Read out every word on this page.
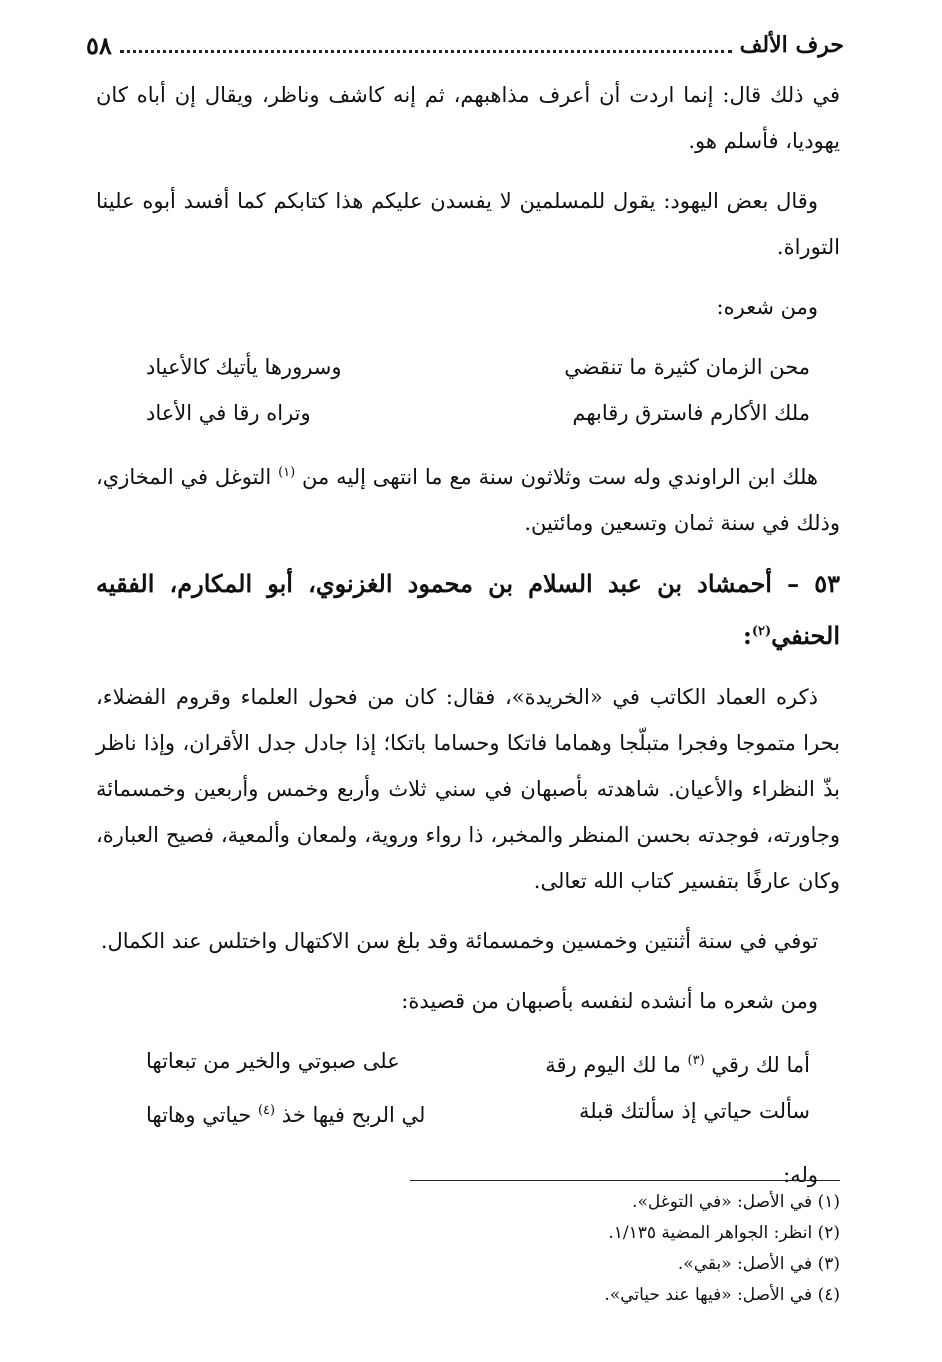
حرف الألف
٥٨

في ذلك قال: إنما اردت أن أعرف مذاهبهم، ثم إنه كاشف وناظر، ويقال إن أباه كان يهوديا، فأسلم هو.

وقال بعض اليهود: يقول للمسلمين لا يفسدن عليكم هذا كتابكم كما أفسد أبوه علينا التوراة.

ومن شعره:

محن الزمان كثيرة ما تنقضي
وسرورها يأتيك كالأعياد
ملك الأكارم فاسترق رقابهم
وتراه رقا في الأعاد

هلك ابن الراوندي وله ست وثلاثون سنة مع ما انتهى إليه من $^{(١)}$ التوغل في المخازي، وذلك في سنة ثمان وتسعين ومائتين.

٥٣ – أحمشاد بن عبد السلام بن محمود الغزنوي، أبو المكارم، الفقيه الحنفي$^{(٢)}$:

ذكره العماد الكاتب في «الخريدة»، فقال: كان من فحول العلماء وقروم الفضلاء، بحرا متموجا وفجرا متبلّجا وهماما فاتكا وحساما باتكا؛ إذا جادل جدل الأقران، وإذا ناظر بذّ النظراء والأعيان. شاهدته بأصبهان في سني ثلاث وأربع وخمس وأربعين وخمسمائة وجاورته، فوجدته بحسن المنظر والمخبر، ذا رواء وروية، ولمعان وألمعية، فصيح العبارة، وكان عارفًا بتفسير كتاب الله تعالى.

توفي في سنة أثنتين وخمسين وخمسمائة وقد بلغ سن الاكتهال واختلس عند الكمال.

ومن شعره ما أنشده لنفسه بأصبهان من قصيدة:

أما لك رقي $^{(٣)}$ ما لك اليوم رقة
على صبوتي والخير من تبعاتها
سألت حياتي إذ سألتك قبلة
لي الربح فيها خذ $^{(٤)}$ حياتي وهاتها

وله:

(١) في الأصل: «في التوغل».
(٢) انظر: الجواهر المضية ١/١٣٥.
(٣) في الأصل: «بقي».
(٤) في الأصل: «فيها عند حياتي».
